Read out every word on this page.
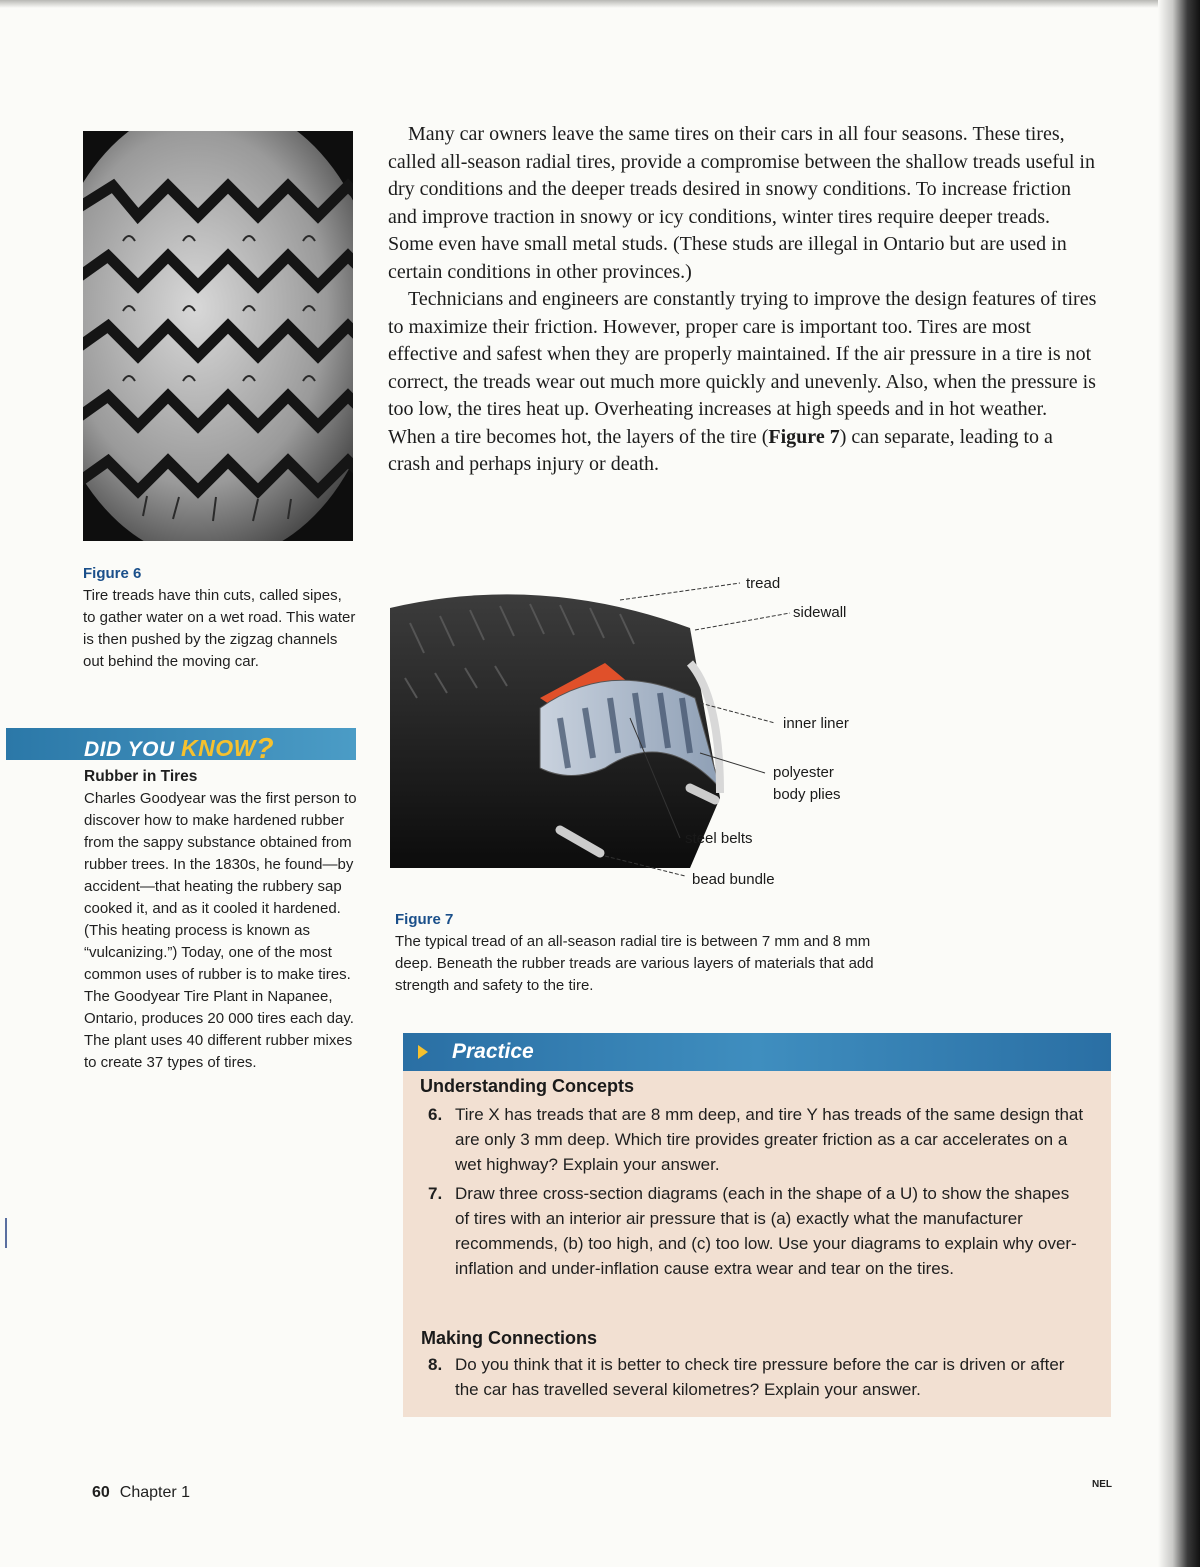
Figure 6
Tire treads have thin cuts, called sipes, to gather water on a wet road. This water is then pushed by the zigzag channels out behind the moving car.
DID YOU KNOW?
Rubber in Tires
Charles Goodyear was the first person to discover how to make hardened rubber from the sappy substance obtained from rubber trees. In the 1830s, he found—by accident—that heating the rubbery sap cooked it, and as it cooled it hardened. (This heating process is known as “vulcanizing.”) Today, one of the most common uses of rubber is to make tires. The Goodyear Tire Plant in Napanee, Ontario, produces 20 000 tires each day. The plant uses 40 different rubber mixes to create 37 types of tires.

Many car owners leave the same tires on their cars in all four seasons. These tires, called all-season radial tires, provide a compromise between the shallow treads useful in dry conditions and the deeper treads desired in snowy conditions. To increase friction and improve traction in snowy or icy conditions, winter tires require deeper treads. Some even have small metal studs. (These studs are illegal in Ontario but are used in certain conditions in other provinces.)

Technicians and engineers are constantly trying to improve the design features of tires to maximize their friction. However, proper care is important too. Tires are most effective and safest when they are properly maintained. If the air pressure in a tire is not correct, the treads wear out much more quickly and unevenly. Also, when the pressure is too low, the tires heat up. Overheating increases at high speeds and in hot weather. When a tire becomes hot, the layers of the tire (Figure 7) can separate, leading to a crash and perhaps injury or death.

tread
sidewall
inner liner
polyester
body plies
steel belts
bead bundle
Figure 7
The typical tread of an all-season radial tire is between 7 mm and 8 mm deep. Beneath the rubber treads are various layers of materials that add strength and safety to the tire.
Practice
Understanding Concepts
6. Tire X has treads that are 8 mm deep, and tire Y has treads of the same design that are only 3 mm deep. Which tire provides greater friction as a car accelerates on a wet highway? Explain your answer.
7. Draw three cross-section diagrams (each in the shape of a U) to show the shapes of tires with an interior air pressure that is (a) exactly what the manufacturer recommends, (b) too high, and (c) too low. Use your diagrams to explain why over-inflation and under-inflation cause extra wear and tear on the tires.
Making Connections
8. Do you think that it is better to check tire pressure before the car is driven or after the car has travelled several kilometres? Explain your answer.
60 Chapter 1	NEL
